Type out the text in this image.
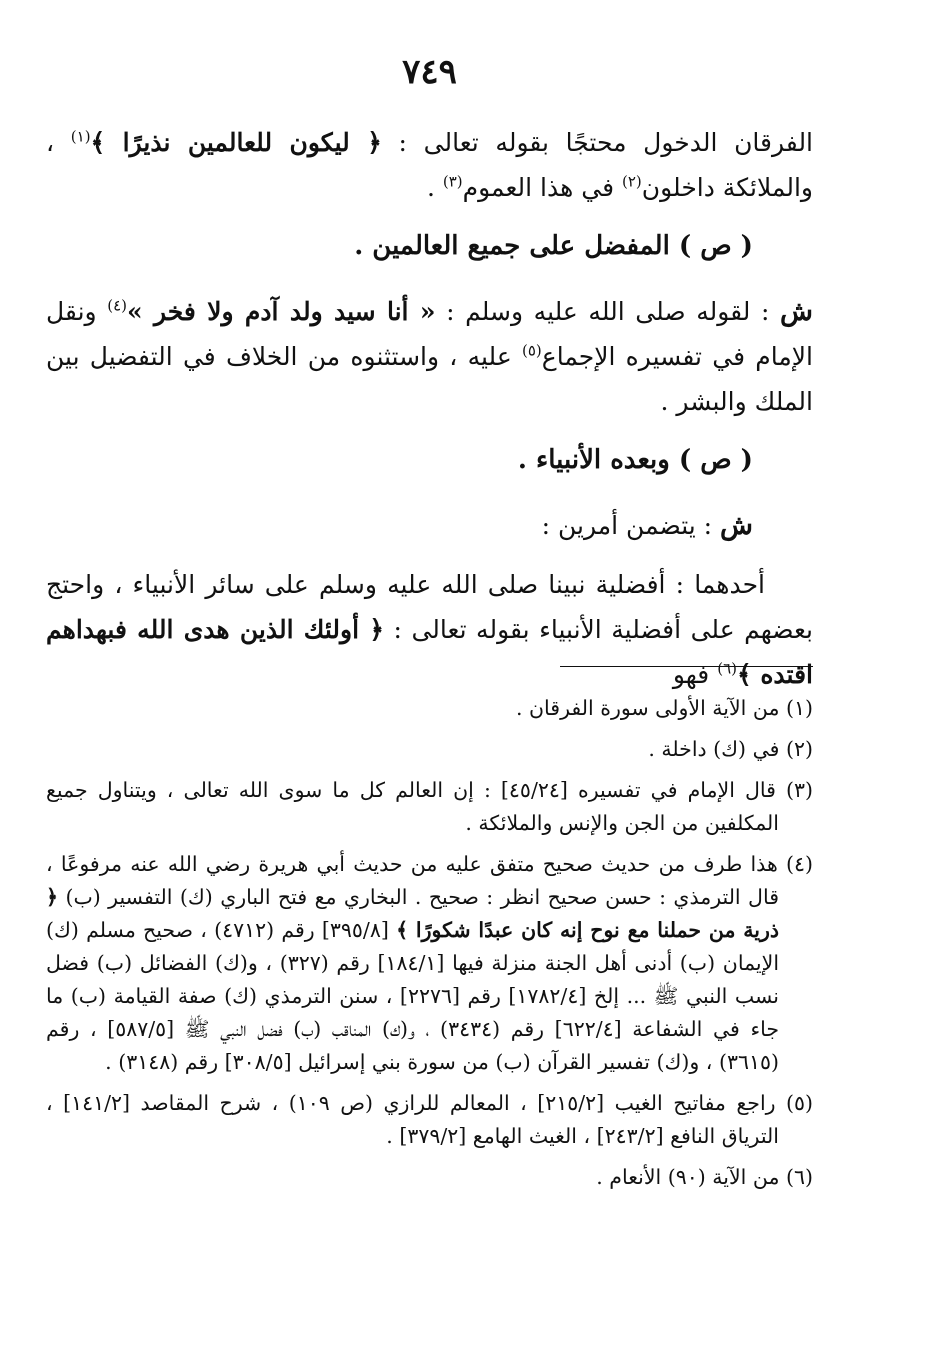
٧٤٩

الفرقان الدخول محتجًا بقوله تعالى : ﴿ ليكون للعالمين نذيرًا ﴾$^{(١)}$ ، والملائكة داخلون$^{(٢)}$ في هذا العموم$^{(٣)}$ .

( ص ) المفضل على جميع العالمين .

ش : لقوله صلى الله عليه وسلم : « أنا سيد ولد آدم ولا فخر »$^{(٤)}$ ونقل الإمام في تفسيره الإجماع$^{(٥)}$ عليه ، واستثنوه من الخلاف في التفضيل بين الملك والبشر .

( ص ) وبعده الأنبياء .

ش : يتضمن أمرين :

أحدهما : أفضلية نبينا صلى الله عليه وسلم على سائر الأنبياء ، واحتج بعضهم على أفضلية الأنبياء بقوله تعالى : ﴿ أولئك الذين هدى الله فبهداهم اقتده ﴾$^{(٦)}$ فهو

(١) من الآية الأولى سورة الفرقان .

(٢) في (ك) داخلة .

(٣) قال الإمام في تفسيره [٤٥/٢٤] : إن العالم كل ما سوى الله تعالى ، ويتناول جميع المكلفين من الجن والإنس والملائكة .

(٤) هذا طرف من حديث صحيح متفق عليه من حديث أبي هريرة رضي الله عنه مرفوعًا ، قال الترمذي : حسن صحيح انظر : صحيح . البخاري مع فتح الباري (ك) التفسير (ب) ﴿ ذرية من حملنا مع نوح إنه كان عبدًا شكورًا ﴾ [٣٩٥/٨] رقم (٤٧١٢) ، صحيح مسلم (ك) الإيمان (ب) أدنى أهل الجنة منزلة فيها [١٨٤/١] رقم (٣٢٧) ، و(ك) الفضائل (ب) فضل نسب النبي ﷺ ... إلخ [١٧٨٢/٤] رقم [٢٢٧٦] ، سنن الترمذي (ك) صفة القيامة (ب) ما جاء في الشفاعة [٦٢٢/٤] رقم (٣٤٣٤) ، و(ك) المناقب (ب) فضل النبي ﷺ [٥٨٧/٥] ، رقم (٣٦١٥) ، و(ك) تفسير القرآن (ب) من سورة بني إسرائيل [٣٠٨/٥] رقم (٣١٤٨) .

(٥) راجع مفاتيح الغيب [٢١٥/٢] ، المعالم للرازي (ص ١٠٩) ، شرح المقاصد [١٤١/٢] ، الترياق النافع [٢٤٣/٢] ، الغيث الهامع [٣٧٩/٢] .

(٦) من الآية (٩٠) الأنعام .
